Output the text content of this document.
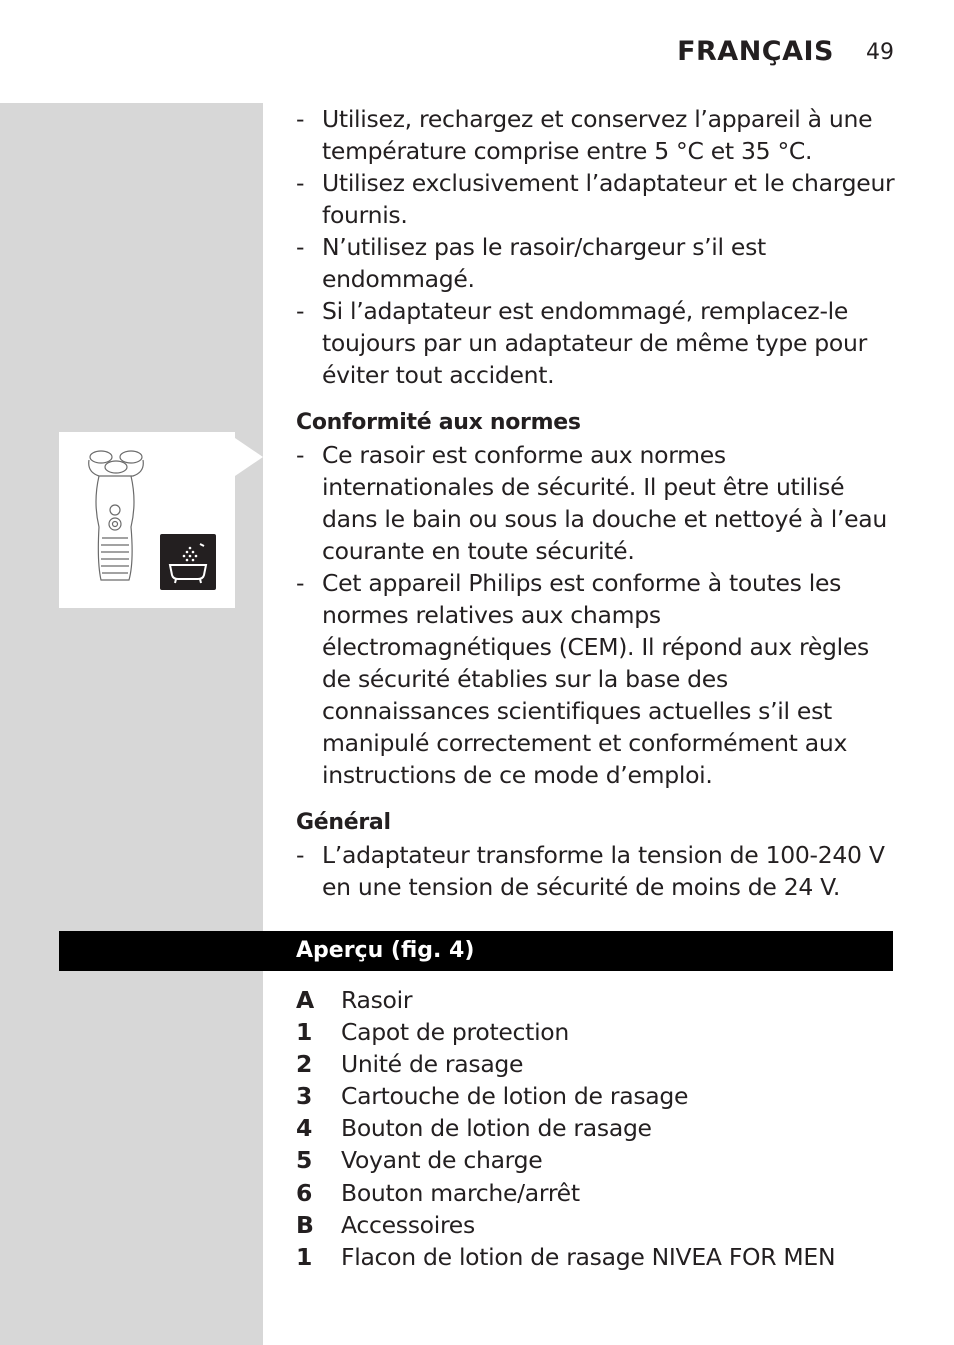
FRANÇAIS 49
- Utilisez, rechargez et conservez l’appareil à une température comprise entre 5 °C et 35 °C.
- Utilisez exclusivement l’adaptateur et le chargeur fournis.
- N’utilisez pas le rasoir/chargeur s’il est endommagé.
- Si l’adaptateur est endommagé, remplacez-le toujours par un adaptateur de même type pour éviter tout accident.
Conformité aux normes
- Ce rasoir est conforme aux normes internationales de sécurité. Il peut être utilisé dans le bain ou sous la douche et nettoyé à l’eau courante en toute sécurité.
- Cet appareil Philips est conforme à toutes les normes relatives aux champs électromagnétiques (CEM). Il répond aux règles de sécurité établies sur la base des connaissances scientifiques actuelles s’il est manipulé correctement et conformément aux instructions de ce mode d’emploi.
Général
- L’adaptateur transforme la tension de 100-240 V en une tension de sécurité de moins de 24 V.
Aperçu (fig. 4)
A	Rasoir
1	Capot de protection
2	Unité de rasage
3	Cartouche de lotion de rasage
4	Bouton de lotion de rasage
5	Voyant de charge
6	Bouton marche/arrêt
B	Accessoires
1	Flacon de lotion de rasage NIVEA FOR MEN
